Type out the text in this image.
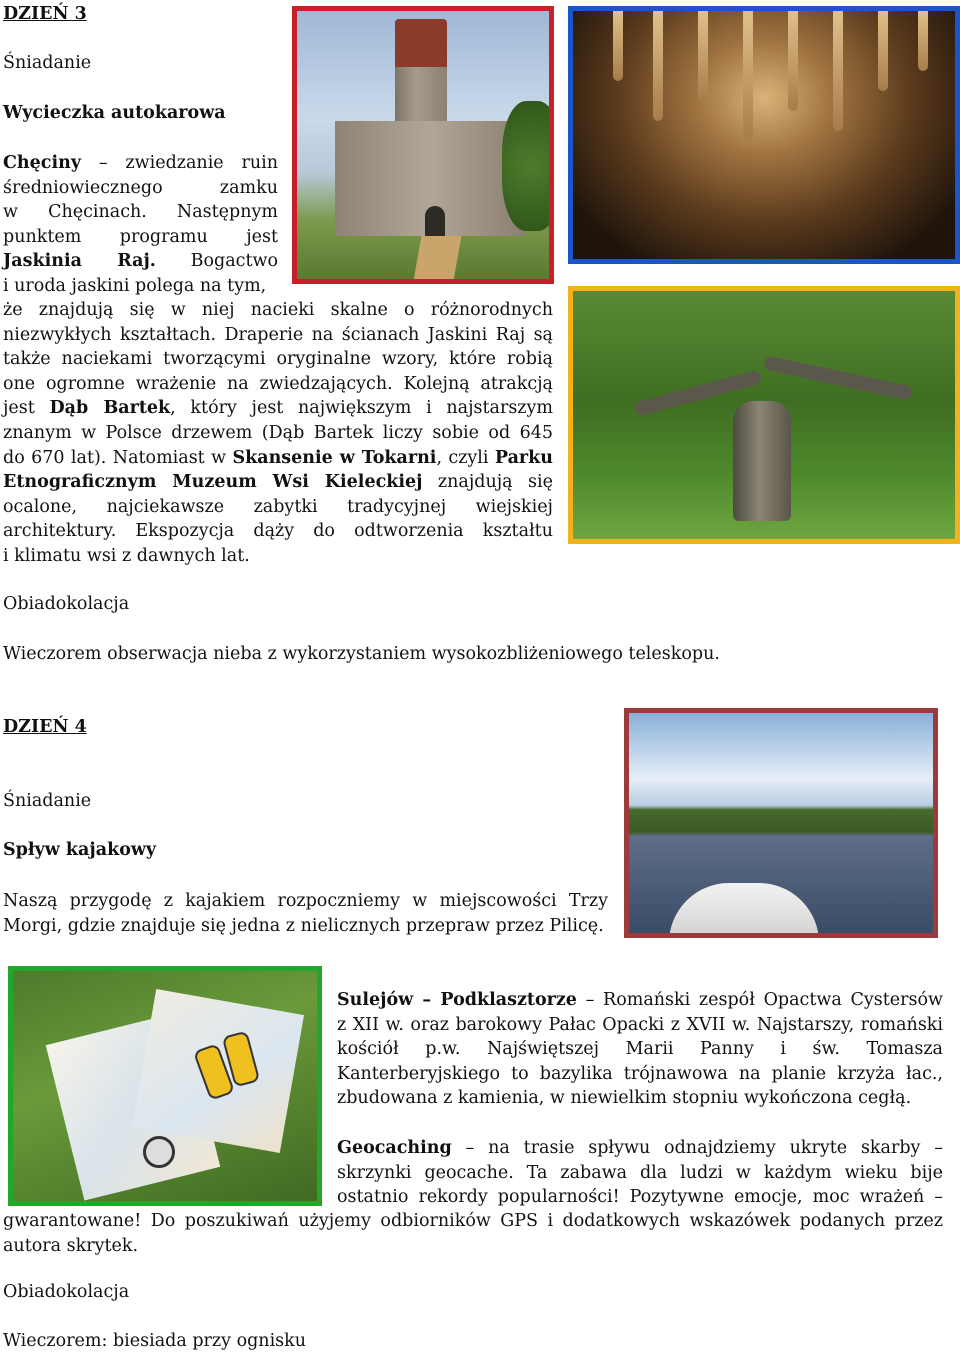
DZIEŃ 3
Śniadanie
Wycieczka autokarowa

Chęciny – zwiedzanie ruin

średniowiecznego zamku

w Chęcinach. Następnym

punktem programu jest

Jaskinia Raj. Bogactwo

i uroda jaskini polega na tym,

że znajdują się w niej nacieki skalne o różnorodnych

niezwykłych kształtach. Draperie na ścianach Jaskini Raj są

także naciekami tworzącymi oryginalne wzory, które robią

one ogromne wrażenie na zwiedzających. Kolejną atrakcją

jest Dąb Bartek, który jest największym i najstarszym

znanym w Polsce drzewem (Dąb Bartek liczy sobie od 645

do 670 lat). Natomiast w Skansenie w Tokarni, czyli Parku

Etnograficznym Muzeum Wsi Kieleckiej znajdują się

ocalone, najciekawsze zabytki tradycyjnej wiejskiej

architektury. Ekspozycja dąży do odtworzenia kształtu

i klimatu wsi z dawnych lat.

Obiadokolacja
Wieczorem obserwacja nieba z wykorzystaniem wysokozbliżeniowego teleskopu.
DZIEŃ 4
Śniadanie
Spływ kajakowy

Naszą przygodę z kajakiem rozpoczniemy w miejscowości Trzy

Morgi, gdzie znajduje się jedna z nielicznych przepraw przez Pilicę.

Sulejów – Podklasztorze – Romański zespół Opactwa Cystersów

z XII w. oraz barokowy Pałac Opacki z XVII w. Najstarszy, romański

kościół p.w. Najświętszej Marii Panny i św. Tomasza

Kanterberyjskiego to bazylika trójnawowa na planie krzyża łac.,

zbudowana z kamienia, w niewielkim stopniu wykończona cegłą.

Geocaching – na trasie spływu odnajdziemy ukryte skarby –

skrzynki geocache. Ta zabawa dla ludzi w każdym wieku bije

ostatnio rekordy popularności! Pozytywne emocje, moc wrażeń –

gwarantowane! Do poszukiwań użyjemy odbiorników GPS i dodatkowych wskazówek podanych przez

autora skrytek.

Obiadokolacja
Wieczorem: biesiada przy ognisku
